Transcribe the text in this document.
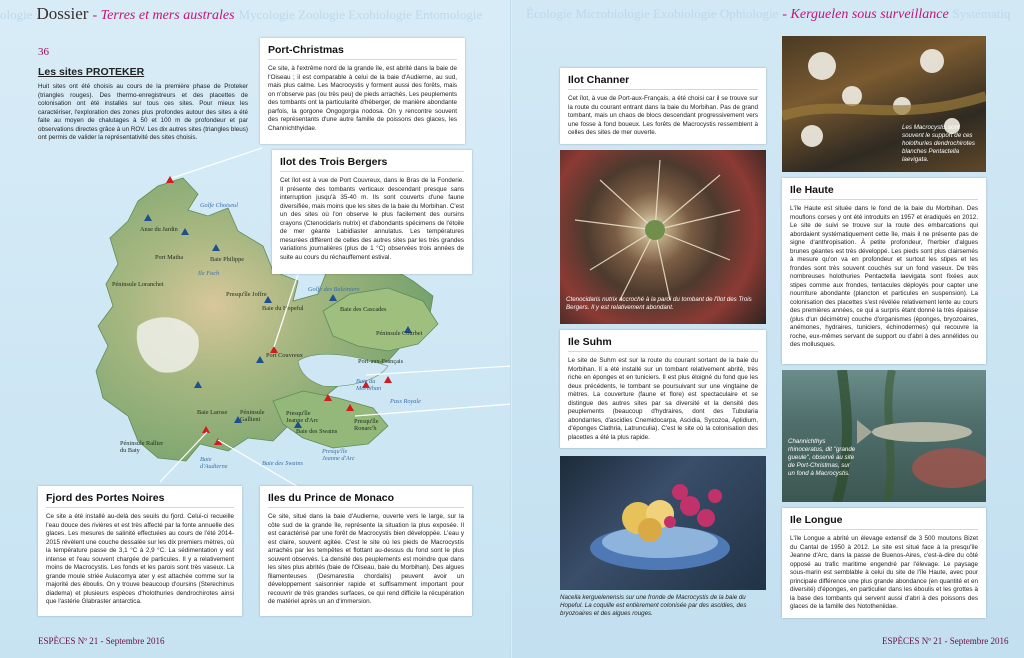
ologie Dossier - Terres et mers australes Mycologie Zoologie Exobiologie Entomologie
36
Les sites PROTEKER

Huit sites ont été choisis au cours de la première phase de Proteker (triangles rouges). Des thermo-enregistreurs et des placettes de colonisation ont été installés sur tous ces sites. Pour mieux les caractériser, l'exploration des zones plus profondes autour des sites a été faite au moyen de chalutages à 50 et 100 m de profondeur et par observations directes grâce à un ROV. Les dix autres sites (triangles bleus) ont permis de valider la représentativité des sites choisis.

Anse du Jardin
Golfe Choiseul
Port Matha	Baie Philippe
Ile Foch
Péninsule Loranchet
Presqu'île Joffre
Golfe des Baleiniers
Baie du Hopeful	Baie des Cascades
Péninsule Courbet
Port Couvreux
Port-aux-Français
Baie du Morbihan
Pass Royale
Baie Larose Péninsule Gallieni
Presqu'île Jeanne d'Arc
Baie des Swains
Presqu'île Ronarc'h
Péninsule Rallier du Baty
Baie d'Audierne	Baie des Swains
Presqu'île Jeanne d'Arc
Port-Christmas

Ce site, à l'extrême nord de la grande île, est abrité dans la baie de l'Oiseau ; il est comparable à celui de la baie d'Audierne, au sud, mais plus calme. Les Macrocystis y forment aussi des forêts, mais on n'observe pas (ou très peu) de pieds arrachés. Les peuplements des tombants ont la particularité d'héberger, de manière abondante parfois, la gorgone Ongogorgia nodosa. On y rencontre souvent des représentants d'une autre famille de poissons des glaces, les Channichthyidae.

Ilot des Trois Bergers

Cet îlot est à vue de Port Couvreux, dans le Bras de la Fonderie. Il présente des tombants verticaux descendant presque sans interruption jusqu'à 35-40 m. Ils sont couverts d'une faune diversifiée, mais moins que les sites de la baie du Morbihan. C'est un des sites où l'on observe le plus facilement des oursins crayons (Ctenocidaris nutrix) et d'abondants spécimens de l'étoile de mer géante Labidiaster annulatus. Les températures mesurées diffèrent de celles des autres sites par les très grandes variations journalières (plus de 1 °C) observées trois années de suite au cours du réchauffement estival.

Fjord des Portes Noires

Ce site a été installé au-delà des seuils du fjord. Celui-ci recueille l'eau douce des rivières et est très affecté par la fonte annuelle des glaces. Les mesures de salinité effectuées au cours de l'été 2014-2015 révèlent une couche dessalée sur les dix premiers mètres, où la température passe de 3,1 °C à 2,9 °C. La sédimentation y est intense et l'eau souvent chargée de particules. Il y a relativement moins de Macrocystis. Les fonds et les parois sont très vaseux. La grande moule striée Aulacomya ater y est attachée comme sur la majorité des éboulis. On y trouve beaucoup d'oursins (Sterechinus diadema) et plusieurs espèces d'holothuries dendrochirotes ainsi que l'astérie Glabraster antarctica.

Iles du Prince de Monaco

Ce site, situé dans la baie d'Audierne, ouverte vers le large, sur la côte sud de la grande île, représente la situation la plus exposée. Il est caractérisé par une forêt de Macrocystis bien développée. L'eau y est claire, souvent agitée. C'est le site où les pieds de Macrocystis arrachés par les tempêtes et flottant au-dessus du fond sont le plus souvent observés. La densité des peuplements est moindre que dans les sites plus abrités (baie de l'Oiseau, baie du Morbihan). Des algues filamenteuses (Desmarestia chordalis) peuvent avoir un développement saisonnier rapide et suffisamment important pour recouvrir de très grandes surfaces, ce qui rend difficile la récupération de matériel après un an d'immersion.

ESPÈCES Nº 21 - Septembre 2016
Écologie Microbiologie Exobiologie Ophiologie - Kerguelen sous surveillance Systématiq
Ilot Channer

Cet îlot, à vue de Port-aux-Français, a été choisi car il se trouve sur la route du courant entrant dans la baie du Morbihan. Pas de grand tombant, mais un chaos de blocs descendant progressivement vers une fosse à fond boueux. Les forêts de Macrocystis ressemblent à celles des sites de mer ouverte.

Ctenocidaris nutrix accroché à la paroi du tombant de l'îlot des Trois Bergers. Il y est relativement abondant.
Ile Suhm

Le site de Suhm est sur la route du courant sortant de la baie du Morbihan. Il a été installé sur un tombant relativement abrité, très riche en éponges et en tuniciers. Il est plus éloigné du fond que les deux précédents, le tombant se poursuivant sur une vingtaine de mètres. La couverture (faune et flore) est spectaculaire et se distingue des autres sites par sa diversité et la densité des peuplements (beaucoup d'hydraires, dont des Tubularia abondantes, d'ascidies Cnemidocarpa, Ascidia, Sycozoa, Aplidium, d'éponges Clathria, Latrunculia). C'est le site où la colonisation des placettes a été la plus rapide.

Nacella kerguelenensis sur une fronde de Macrocystis de la baie du Hopeful. La coquille est entièrement colonisée par des ascidies, des bryozoaires et des algues rouges.
Les Macrocystis sont souvent le support de ces holothuries dendrochirotes blanches Pentactella laevigata.
Ile Haute

L'île Haute est située dans le fond de la baie du Morbihan. Des mouflons corses y ont été introduits en 1957 et éradiqués en 2012. Le site de suivi se trouve sur la route des embarcations qui abordaient systématiquement cette île, mais il ne présente pas de signe d'anthropisation. À petite profondeur, l'herbier d'algues brunes géantes est très développé. Les pieds sont plus clairsemés à mesure qu'on va en profondeur et surtout les stipes et les frondes sont très souvent couchés sur un fond vaseux. De très nombreuses holothuries Pentactella laevigata sont fixées aux stipes comme aux frondes, tentacules déployés pour capter une nourriture abondante (plancton et particules en suspension). La colonisation des placettes s'est révélée relativement lente au cours des premières années, ce qui a surpris étant donné la très épaisse (plus d'un décimètre) couche d'organismes (éponges, bryozoaires, anémones, hydraires, tuniciers, échinodermes) qui recouvre la roche, eux-mêmes servant de support ou d'abri à des annélides ou des mollusques.

Channichthys rhinoceratus, dit "grande gueule", observé au site de Port-Christmas, sur un fond à Macrocystis.
Ile Longue

L'île Longue a abrité un élevage extensif de 3 500 moutons Bizet du Cantal de 1950 à 2012. Le site est situé face à la presqu'île Jeanne d'Arc, dans la passe de Buenos-Aires, c'est-à-dire du côté opposé au trafic maritime engendré par l'élevage. Le paysage sous-marin est semblable à celui du site de l'île Haute, avec pour principale différence une plus grande abondance (en quantité et en diversité) d'éponges, en particulier dans les éboulis et les grottes à la base des tombants qui servent aussi d'abri à des poissons des glaces de la famille des Nototheniidae.

ESPÈCES Nº 21 - Septembre 2016
